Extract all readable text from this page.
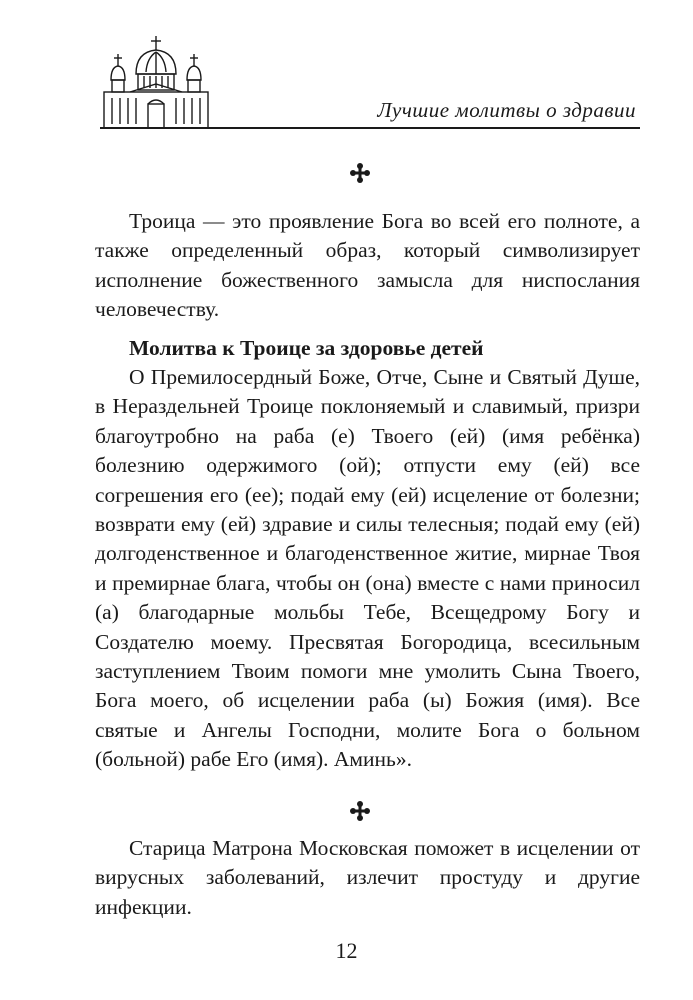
Лучшие молитвы о здравии

Троица — это проявление Бога во всей его полноте, а также определенный образ, который символизирует исполнение божественного замысла для ниспослания человечеству.

Молитва к Троице за здоровье детей

О Премилосердный Боже, Отче, Сыне и Святый Душе, в Нераздельней Троице поклоняемый и славимый, призри благоутробно на раба (е) Твоего (ей) (имя ребёнка) болезнию одержимого (ой); отпусти ему (ей) все согрешения его (ее); подай ему (ей) исцеление от болезни; возврати ему (ей) здравие и силы телесныя; подай ему (ей) долгоденственное и благоденственное житие, мирнае Твоя и премирнае блага, чтобы он (она) вместе с нами приносил (а) благодарные мольбы Тебе, Всещедрому Богу и Создателю моему. Пресвятая Богородица, всесильным заступлением Твоим помоги мне умолить Сына Твоего, Бога моего, об исцелении раба (ы) Божия (имя). Все святые и Ангелы Господни, молите Бога о больном (больной) рабе Его (имя). Аминь».

Старица Матрона Московская поможет в исцелении от вирусных заболеваний, излечит простуду и другие инфекции.

12
